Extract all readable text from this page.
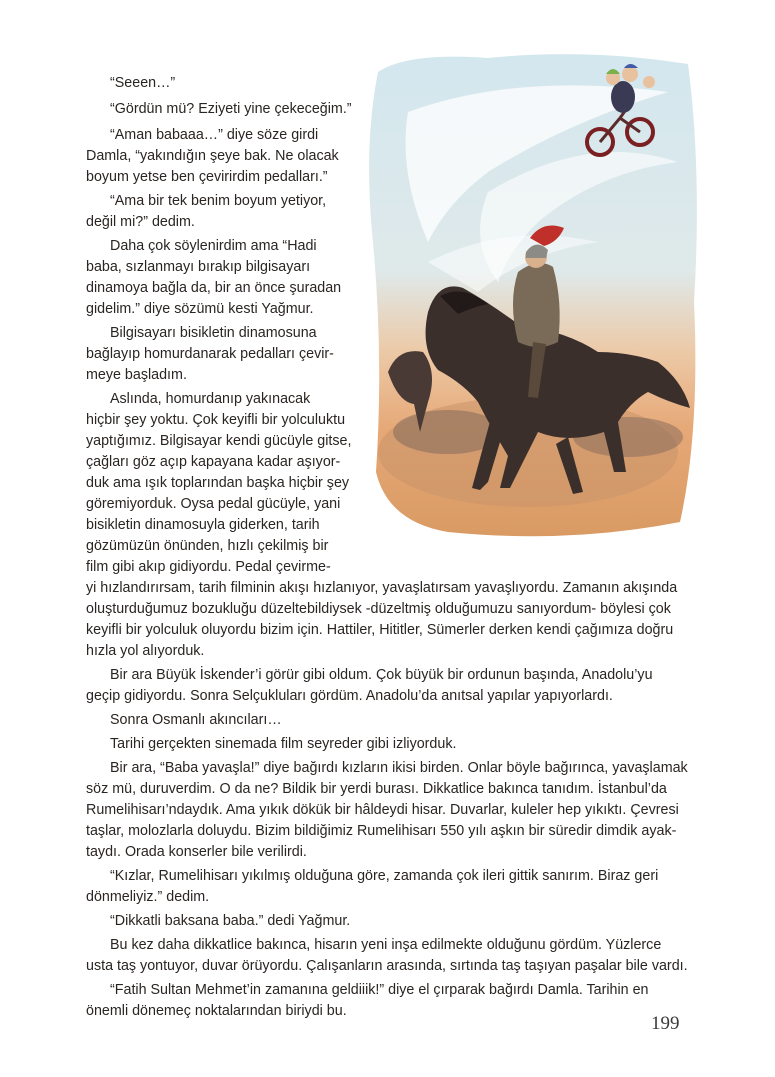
“Seeen…”
“Gördün mü? Eziyeti yine çekeceğim.”
“Aman babaaa…” diye söze girdi
Damla, “yakındığın şeye bak. Ne olacak
boyum yetse ben çevirirdim pedalları.”
“Ama bir tek benim boyum yetiyor,
değil mi?” dedim.
Daha çok söylenirdim ama “Hadi
baba, sızlanmayı bırakıp bilgisayarı
dinamoya bağla da, bir an önce şuradan
gidelim.” diye sözümü kesti Yağmur.
Bilgisayarı bisikletin dinamosuna
bağlayıp homurdanarak pedalları çevir-
meye başladım.
Aslında, homurdanıp yakınacak
hiçbir şey yoktu. Çok keyifli bir yolculuktu
yaptığımız. Bilgisayar kendi gücüyle gitse,
çağları göz açıp kapayana kadar aşıyor-
duk ama ışık toplarından başka hiçbir şey
göremiyorduk. Oysa pedal gücüyle, yani
bisikletin dinamosuyla giderken, tarih
gözümüzün önünden, hızlı çekilmiş bir
film gibi akıp gidiyordu. Pedal çevirme-
yi hızlandırırsam, tarih filminin akışı hızlanıyor, yavaşlatırsam yavaşlıyordu. Zamanın akışında
oluşturduğumuz bozukluğu düzeltebildiysek -düzeltmiş olduğumuzu sanıyordum- böylesi çok
keyifli bir yolculuk oluyordu bizim için. Hattiler, Hititler, Sümerler derken kendi çağımıza doğru
hızla yol alıyorduk.
Bir ara Büyük İskender’i görür gibi oldum. Çok büyük bir ordunun başında, Anadolu’yu
geçip gidiyordu. Sonra Selçukluları gördüm. Anadolu’da anıtsal yapılar yapıyorlardı.
Sonra Osmanlı akıncıları…
Tarihi gerçekten sinemada film seyreder gibi izliyorduk.
Bir ara, “Baba yavaşla!” diye bağırdı kızların ikisi birden. Onlar böyle bağırınca, yavaşlamak
söz mü, duruverdim. O da ne? Bildik bir yerdi burası. Dikkatlice bakınca tanıdım. İstanbul’da
Rumelihisarı’ndaydık. Ama yıkık dökük bir hâldeydi hisar. Duvarlar, kuleler hep yıkıktı. Çevresi
taşlar, molozlarla doluydu. Bizim bildiğimiz Rumelihisarı 550 yılı aşkın bir süredir dimdik ayak-
taydı. Orada konserler bile verilirdi.
“Kızlar, Rumelihisarı yıkılmış olduğuna göre, zamanda çok ileri gittik sanırım. Biraz geri
dönmeliyiz.” dedim.
“Dikkatli baksana baba.” dedi Yağmur.
Bu kez daha dikkatlice bakınca, hisarın yeni inşa edilmekte olduğunu gördüm. Yüzlerce
usta taş yontuyor, duvar örüyordu. Çalışanların arasında, sırtında taş taşıyan paşalar bile vardı.
“Fatih Sultan Mehmet’in zamanına geldiiik!” diye el çırparak bağırdı Damla. Tarihin en
önemli dönemeç noktalarından biriydi bu.
199
